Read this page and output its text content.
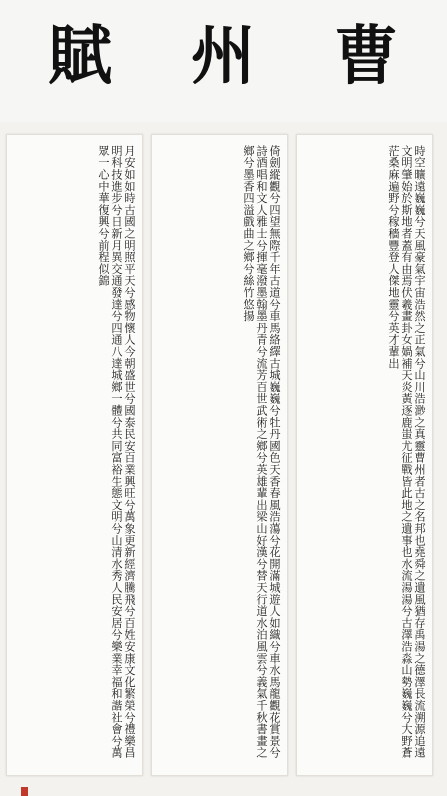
賦 州 曹
時空曠遠巍巍兮天風豪氣宇宙浩然之正氣兮山川浩渺之真靈曹州者古之名邦也堯舜之遺風猶存禹湯之德澤長流溯源追遠文明肇始於斯地者蓋有由焉伏羲畫卦女媧補天炎黃逐鹿蚩尤征戰皆此地之遺事也水流湯湯兮古澤浩淼山勢巍巍兮大野蒼茫桑麻遍野兮稼穡豐登人傑地靈兮英才輩出
倚劍縱觀兮四望無際千年古道兮車馬絡繹古城巍巍兮牡丹國色天香春風浩蕩兮花開滿城遊人如織兮車水馬龍觀花賞景兮詩酒唱和文人雅士兮揮毫潑墨翰墨丹青兮流芳百世武術之鄉兮英雄輩出梁山好漢兮替天行道水泊風雲兮義氣千秋書畫之鄉兮墨香四溢戲曲之鄉兮絲竹悠揚
月安如如時古國之明照平天兮感物懷人今朝盛世兮國泰民安百業興旺兮萬象更新經濟騰飛兮百姓安康文化繁榮兮禮樂昌明科技進步兮日新月異交通發達兮四通八達城鄉一體兮共同富裕生態文明兮山清水秀人民安居兮樂業幸福和諧社會兮萬眾一心中華復興兮前程似錦
